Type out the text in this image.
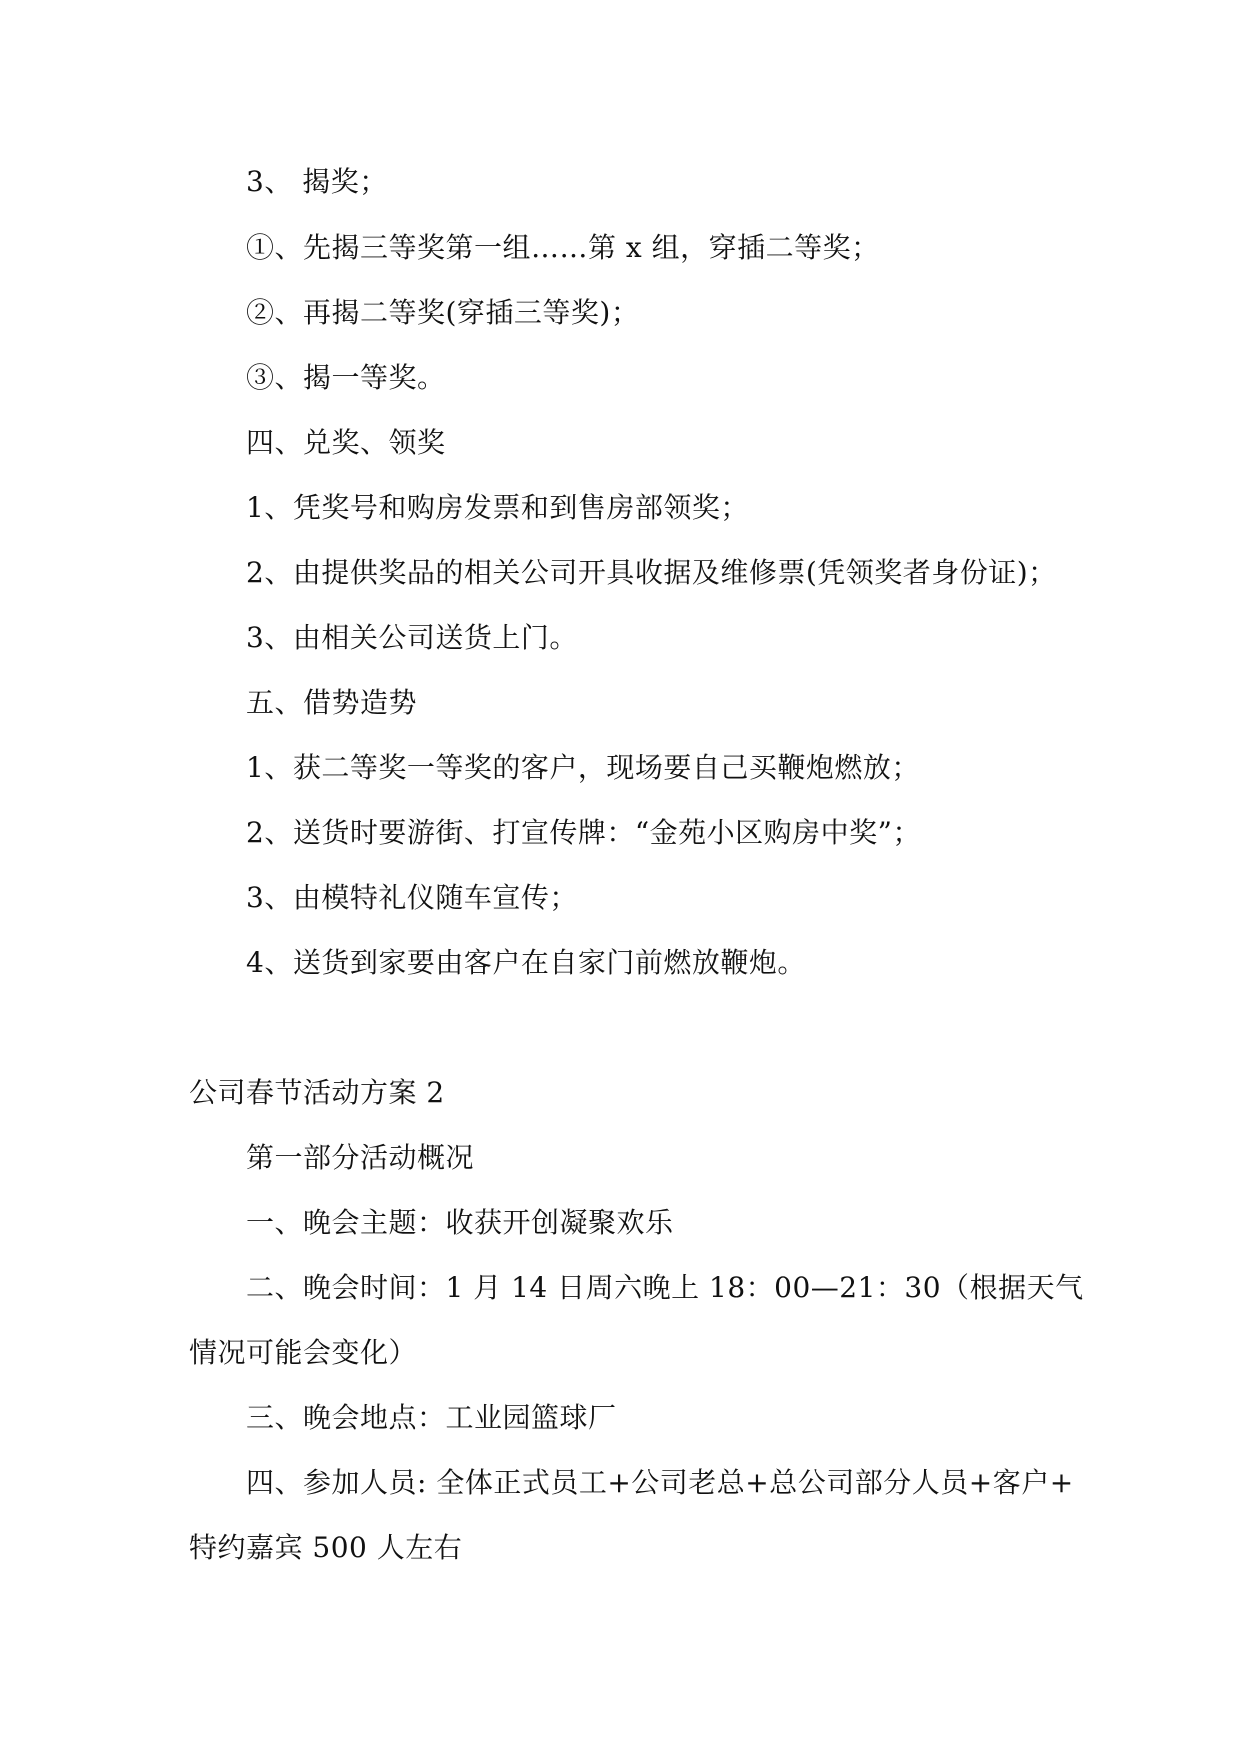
3、 揭奖；
①、先揭三等奖第一组……第 x 组，穿插二等奖；
②、再揭二等奖(穿插三等奖)；
③、揭一等奖。
四、兑奖、领奖
1、凭奖号和购房发票和到售房部领奖；
2、由提供奖品的相关公司开具收据及维修票(凭领奖者身份证)；
3、由相关公司送货上门。
五、借势造势
1、获二等奖一等奖的客户，现场要自己买鞭炮燃放；
2、送货时要游街、打宣传牌：“金苑小区购房中奖”；
3、由模特礼仪随车宣传；
4、送货到家要由客户在自家门前燃放鞭炮。
公司春节活动方案 2
第一部分活动概况
一、晚会主题：收获开创凝聚欢乐
二、晚会时间：1 月 14 日周六晚上 18：00—21：30（根据天气
情况可能会变化）
三、晚会地点：工业园篮球厂
四、参加人员: 全体正式员工+公司老总+总公司部分人员+客户+
特约嘉宾 500 人左右
